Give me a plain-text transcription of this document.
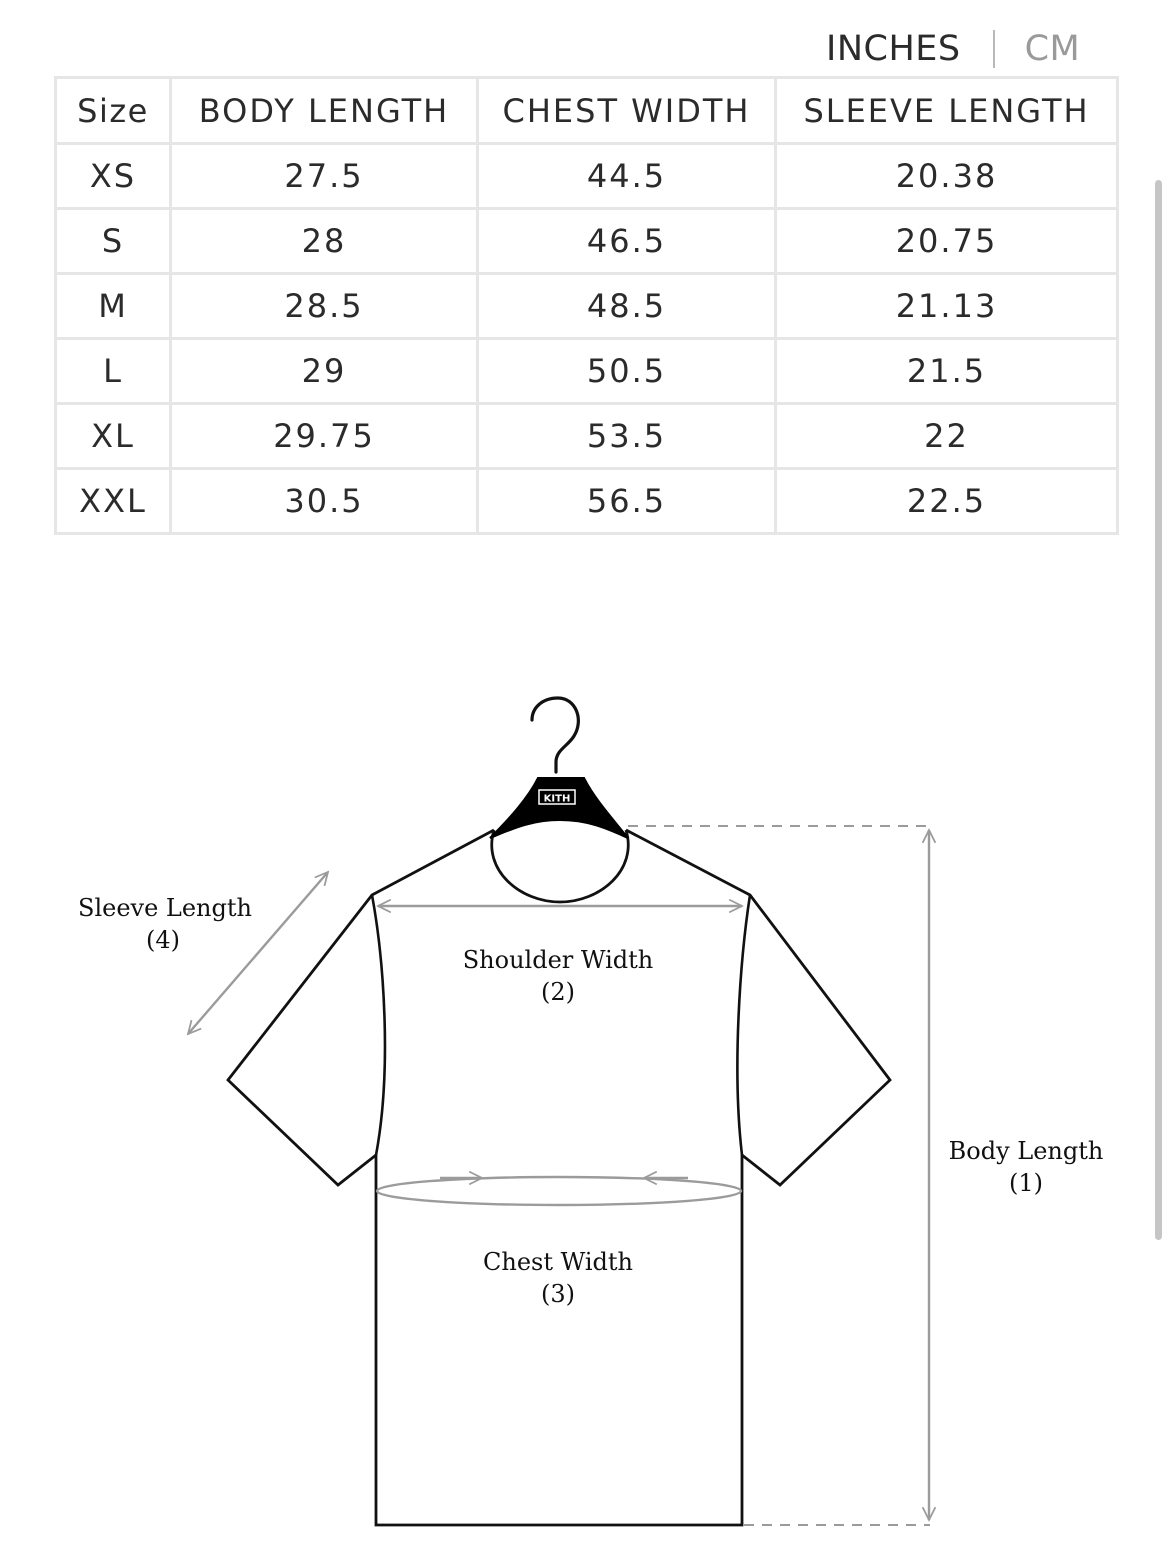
INCHES CM
Size	BODY LENGTH	CHEST WIDTH	SLEEVE LENGTH
XS	27.5	44.5	20.38
S	28	46.5	20.75
M	28.5	48.5	21.13
L	29	50.5	21.5
XL	29.75	53.5	22
XXL	30.5	56.5	22.5
KITH
Sleeve Length
(4)
Shoulder Width
(2)
Chest Width
(3)
Body Length
(1)
